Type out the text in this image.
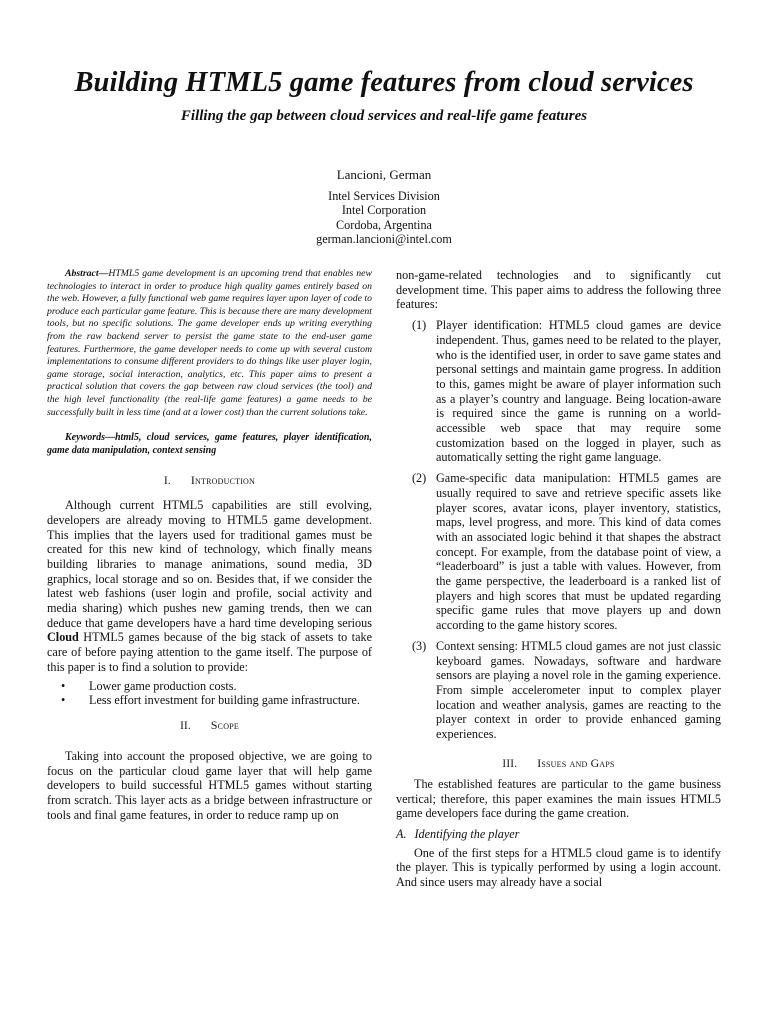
Building HTML5 game features from cloud services
Filling the gap between cloud services and real-life game features
Lancioni, German
Intel Services Division
Intel Corporation
Cordoba, Argentina
german.lancioni@intel.com

Abstract—HTML5 game development is an upcoming trend that enables new technologies to interact in order to produce high quality games entirely based on the web. However, a fully functional web game requires layer upon layer of code to produce each particular game feature. This is because there are many development tools, but no specific solutions. The game developer ends up writing everything from the raw backend server to persist the game state to the end-user game features. Furthermore, the game developer needs to come up with several custom implementations to consume different providers to do things like user player login, game storage, social interaction, analytics, etc. This paper aims to present a practical solution that covers the gap between raw cloud services (the tool) and the high level functionality (the real-life game features) a game needs to be successfully built in less time (and at a lower cost) than the current solutions take.

Keywords—html5, cloud services, game features, player identification, game data manipulation, context sensing

I. Introduction

Although current HTML5 capabilities are still evolving, developers are already moving to HTML5 game development. This implies that the layers used for traditional games must be created for this new kind of technology, which finally means building libraries to manage animations, sound media, 3D graphics, local storage and so on. Besides that, if we consider the latest web fashions (user login and profile, social activity and media sharing) which pushes new gaming trends, then we can deduce that game developers have a hard time developing serious Cloud HTML5 games because of the big stack of assets to take care of before paying attention to the game itself. The purpose of this paper is to find a solution to provide:

• Lower game production costs.
• Less effort investment for building game infrastructure.
II. Scope

Taking into account the proposed objective, we are going to focus on the particular cloud game layer that will help game developers to build successful HTML5 games without starting from scratch. This layer acts as a bridge between infrastructure or tools and final game features, in order to reduce ramp up on

non-game-related technologies and to significantly cut development time. This paper aims to address the following three features:

(1) Player identification: HTML5 cloud games are device independent. Thus, games need to be related to the player, who is the identified user, in order to save game states and personal settings and maintain game progress. In addition to this, games might be aware of player information such as a player’s country and language. Being location-aware is required since the game is running on a world-accessible web space that may require some customization based on the logged in player, such as automatically setting the right game language.
(2) Game-specific data manipulation: HTML5 games are usually required to save and retrieve specific assets like player scores, avatar icons, player inventory, statistics, maps, level progress, and more. This kind of data comes with an associated logic behind it that shapes the abstract concept. For example, from the database point of view, a “leaderboard” is just a table with values. However, from the game perspective, the leaderboard is a ranked list of players and high scores that must be updated regarding specific game rules that move players up and down according to the game history scores.
(3) Context sensing: HTML5 cloud games are not just classic keyboard games. Nowadays, software and hardware sensors are playing a novel role in the gaming experience. From simple accelerometer input to complex player location and weather analysis, games are reacting to the player context in order to provide enhanced gaming experiences.
III. Issues and Gaps

The established features are particular to the game business vertical; therefore, this paper examines the main issues HTML5 game developers face during the game creation.

A. Identifying the player

One of the first steps for a HTML5 cloud game is to identify the player. This is typically performed by using a login account. And since users may already have a social
